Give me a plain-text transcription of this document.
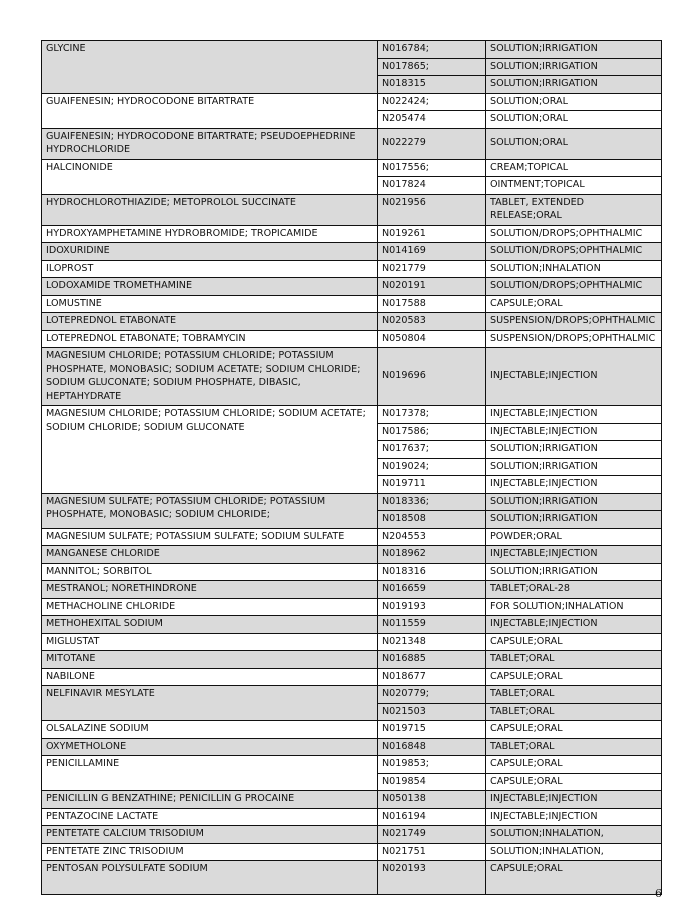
GLYCINE	N016784;	SOLUTION;IRRIGATION
	N017865;	SOLUTION;IRRIGATION
	N018315	SOLUTION;IRRIGATION
GUAIFENESIN; HYDROCODONE BITARTRATE	N022424;	SOLUTION;ORAL
	N205474	SOLUTION;ORAL
GUAIFENESIN; HYDROCODONE BITARTRATE; PSEUDOEPHEDRINE HYDROCHLORIDE	N022279	SOLUTION;ORAL
HALCINONIDE	N017556;	CREAM;TOPICAL
	N017824	OINTMENT;TOPICAL
HYDROCHLOROTHIAZIDE; METOPROLOL SUCCINATE	N021956	TABLET, EXTENDED RELEASE;ORAL
HYDROXYAMPHETAMINE HYDROBROMIDE; TROPICAMIDE	N019261	SOLUTION/DROPS;OPHTHALMIC
IDOXURIDINE	N014169	SOLUTION/DROPS;OPHTHALMIC
ILOPROST	N021779	SOLUTION;INHALATION
LODOXAMIDE TROMETHAMINE	N020191	SOLUTION/DROPS;OPHTHALMIC
LOMUSTINE	N017588	CAPSULE;ORAL
LOTEPREDNOL ETABONATE	N020583	SUSPENSION/DROPS;OPHTHALMIC
LOTEPREDNOL ETABONATE; TOBRAMYCIN	N050804	SUSPENSION/DROPS;OPHTHALMIC
MAGNESIUM CHLORIDE; POTASSIUM CHLORIDE; POTASSIUM PHOSPHATE, MONOBASIC; SODIUM ACETATE; SODIUM CHLORIDE; SODIUM GLUCONATE; SODIUM PHOSPHATE, DIBASIC, HEPTAHYDRATE	N019696	INJECTABLE;INJECTION
MAGNESIUM CHLORIDE; POTASSIUM CHLORIDE; SODIUM ACETATE; SODIUM CHLORIDE; SODIUM GLUCONATE	N017378;	INJECTABLE;INJECTION
	N017586;	INJECTABLE;INJECTION
	N017637;	SOLUTION;IRRIGATION
	N019024;	SOLUTION;IRRIGATION
	N019711	INJECTABLE;INJECTION
MAGNESIUM SULFATE; POTASSIUM CHLORIDE; POTASSIUM PHOSPHATE, MONOBASIC; SODIUM CHLORIDE;	N018336;	SOLUTION;IRRIGATION
	N018508	SOLUTION;IRRIGATION
MAGNESIUM SULFATE; POTASSIUM SULFATE; SODIUM SULFATE	N204553	POWDER;ORAL
MANGANESE CHLORIDE	N018962	INJECTABLE;INJECTION
MANNITOL; SORBITOL	N018316	SOLUTION;IRRIGATION
MESTRANOL; NORETHINDRONE	N016659	TABLET;ORAL-28
METHACHOLINE CHLORIDE	N019193	FOR SOLUTION;INHALATION
METHOHEXITAL SODIUM	N011559	INJECTABLE;INJECTION
MIGLUSTAT	N021348	CAPSULE;ORAL
MITOTANE	N016885	TABLET;ORAL
NABILONE	N018677	CAPSULE;ORAL
NELFINAVIR MESYLATE	N020779;	TABLET;ORAL
	N021503	TABLET;ORAL
OLSALAZINE SODIUM	N019715	CAPSULE;ORAL
OXYMETHOLONE	N016848	TABLET;ORAL
PENICILLAMINE	N019853;	CAPSULE;ORAL
	N019854	CAPSULE;ORAL
PENICILLIN G BENZATHINE; PENICILLIN G PROCAINE	N050138	INJECTABLE;INJECTION
PENTAZOCINE LACTATE	N016194	INJECTABLE;INJECTION
PENTETATE CALCIUM TRISODIUM	N021749	SOLUTION;INHALATION,
PENTETATE ZINC TRISODIUM	N021751	SOLUTION;INHALATION,
PENTOSAN POLYSULFATE SODIUM	N020193	CAPSULE;ORAL
6
